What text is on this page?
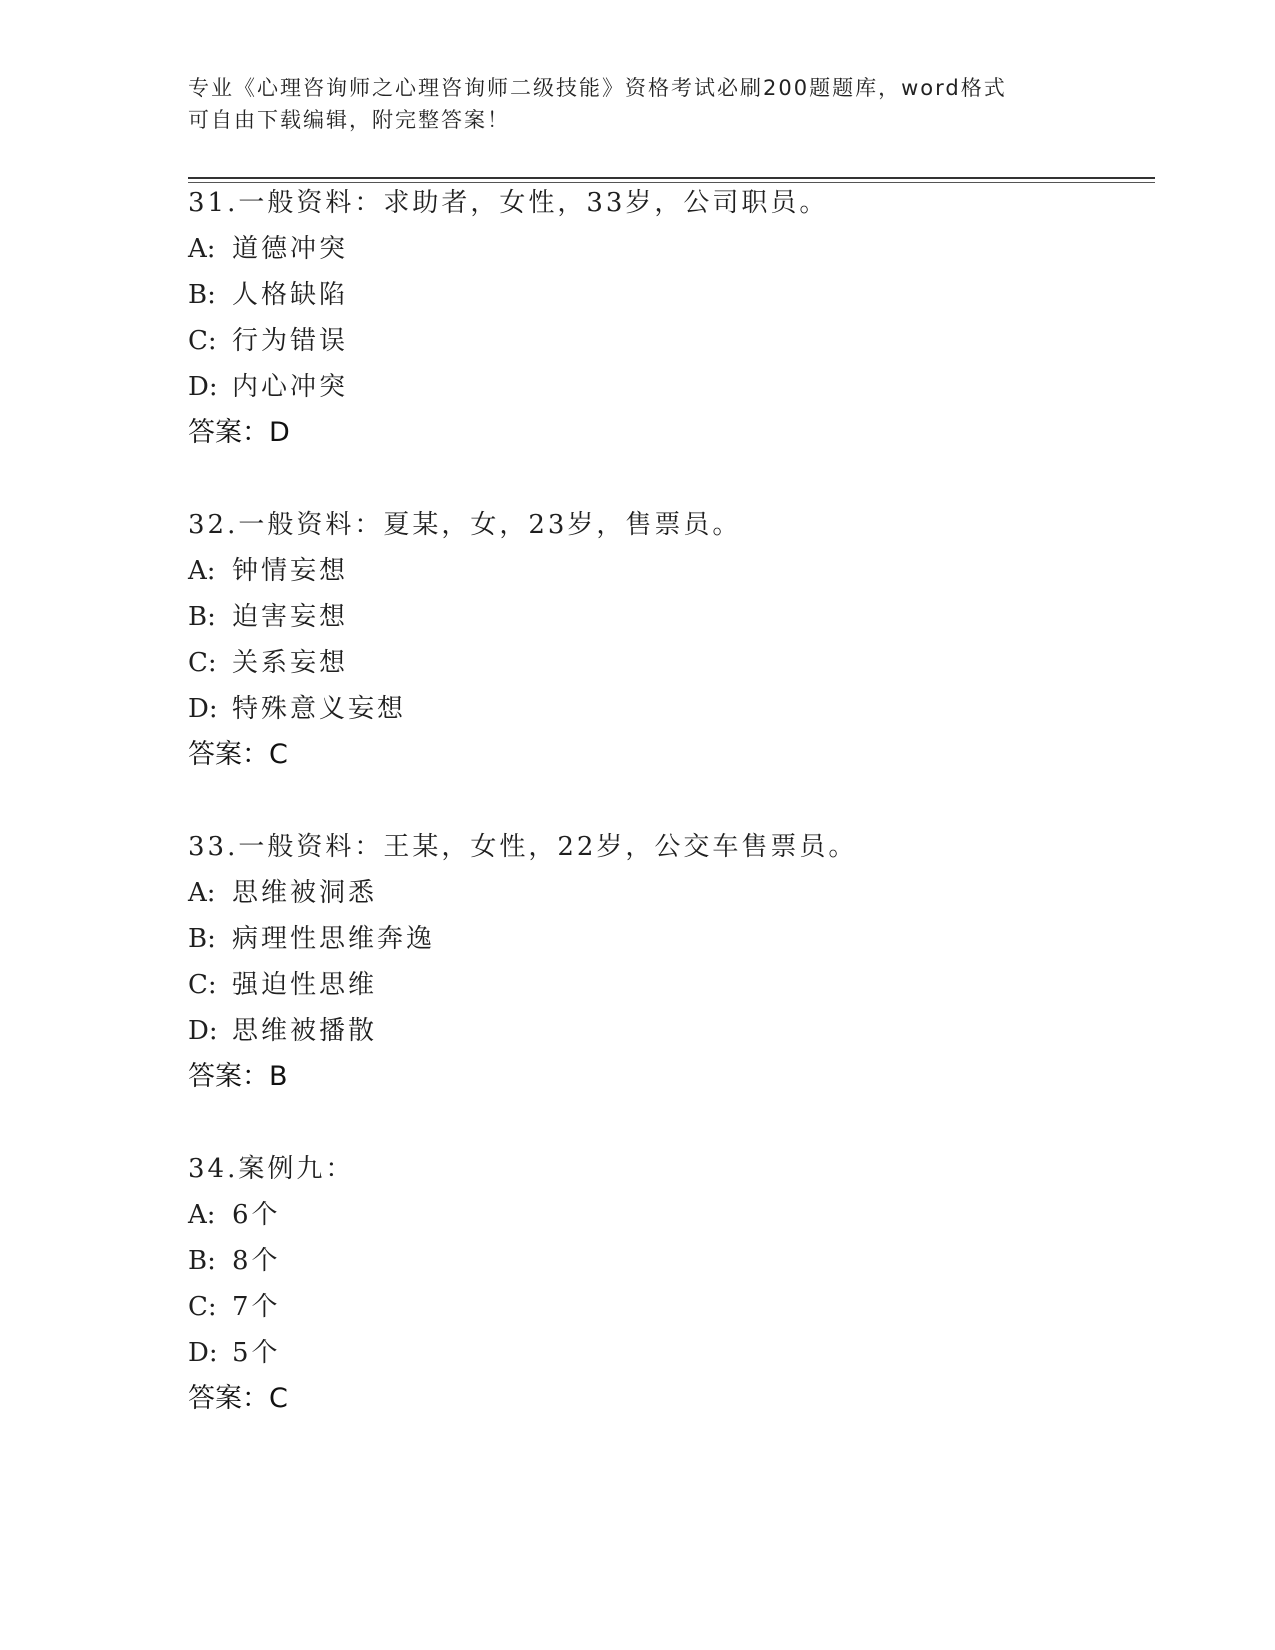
专业《心理咨询师之心理咨询师二级技能》资格考试必刷200题题库，word格式
可自由下载编辑，附完整答案！
31.一般资料：求助者，女性，33岁，公司职员。
A: 道德冲突
B: 人格缺陷
C: 行为错误
D: 内心冲突
答案：D
32.一般资料：夏某，女，23岁，售票员。
A: 钟情妄想
B: 迫害妄想
C: 关系妄想
D: 特殊意义妄想
答案：C
33.一般资料：王某，女性，22岁，公交车售票员。
A: 思维被洞悉
B: 病理性思维奔逸
C: 强迫性思维
D: 思维被播散
答案：B
34.案例九：
A: 6个
B: 8个
C: 7个
D: 5个
答案：C
